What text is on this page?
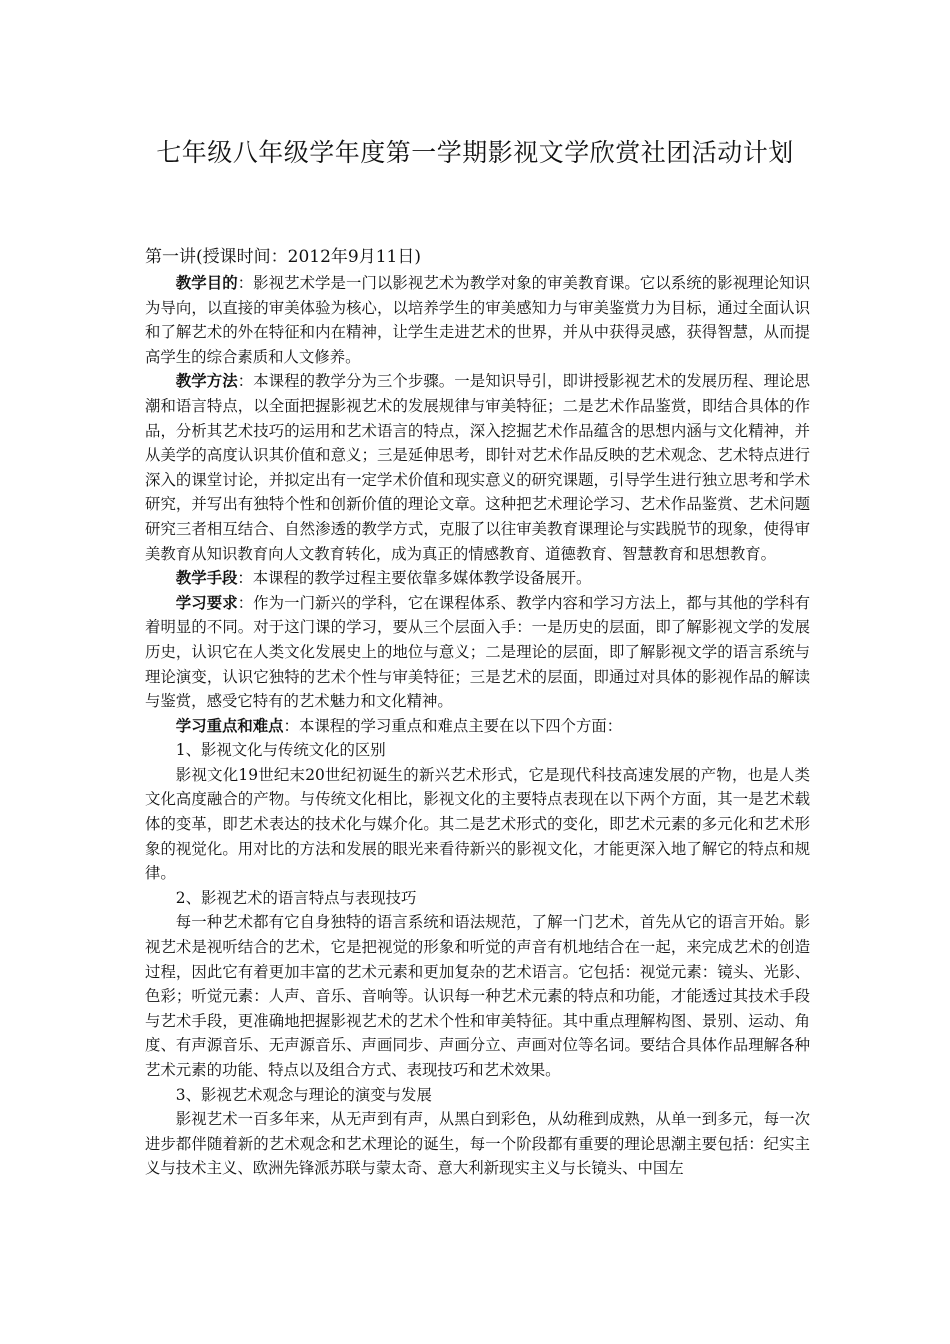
七年级八年级学年度第一学期影视文学欣赏社团活动计划

第一讲(授课时间：2012年9月11日)

教学目的：影视艺术学是一门以影视艺术为教学对象的审美教育课。它以系统的影视理论知识为导向，以直接的审美体验为核心，以培养学生的审美感知力与审美鉴赏力为目标，通过全面认识和了解艺术的外在特征和内在精神，让学生走进艺术的世界，并从中获得灵感，获得智慧，从而提高学生的综合素质和人文修养。

教学方法：本课程的教学分为三个步骤。一是知识导引，即讲授影视艺术的发展历程、理论思潮和语言特点，以全面把握影视艺术的发展规律与审美特征；二是艺术作品鉴赏，即结合具体的作品，分析其艺术技巧的运用和艺术语言的特点，深入挖掘艺术作品蕴含的思想内涵与文化精神，并从美学的高度认识其价值和意义；三是延伸思考，即针对艺术作品反映的艺术观念、艺术特点进行深入的课堂讨论，并拟定出有一定学术价值和现实意义的研究课题，引导学生进行独立思考和学术研究，并写出有独特个性和创新价值的理论文章。这种把艺术理论学习、艺术作品鉴赏、艺术问题研究三者相互结合、自然渗透的教学方式，克服了以往审美教育课理论与实践脱节的现象，使得审美教育从知识教育向人文教育转化，成为真正的情感教育、道德教育、智慧教育和思想教育。

教学手段：本课程的教学过程主要依靠多媒体教学设备展开。

学习要求：作为一门新兴的学科，它在课程体系、教学内容和学习方法上，都与其他的学科有着明显的不同。对于这门课的学习，要从三个层面入手：一是历史的层面，即了解影视文学的发展历史，认识它在人类文化发展史上的地位与意义；二是理论的层面，即了解影视文学的语言系统与理论演变，认识它独特的艺术个性与审美特征；三是艺术的层面，即通过对具体的影视作品的解读与鉴赏，感受它特有的艺术魅力和文化精神。

学习重点和难点：本课程的学习重点和难点主要在以下四个方面：

1、影视文化与传统文化的区别

影视文化19世纪末20世纪初诞生的新兴艺术形式，它是现代科技高速发展的产物，也是人类文化高度融合的产物。与传统文化相比，影视文化的主要特点表现在以下两个方面，其一是艺术载体的变革，即艺术表达的技术化与媒介化。其二是艺术形式的变化，即艺术元素的多元化和艺术形象的视觉化。用对比的方法和发展的眼光来看待新兴的影视文化，才能更深入地了解它的特点和规律。

2、影视艺术的语言特点与表现技巧

每一种艺术都有它自身独特的语言系统和语法规范，了解一门艺术，首先从它的语言开始。影视艺术是视听结合的艺术，它是把视觉的形象和听觉的声音有机地结合在一起，来完成艺术的创造过程，因此它有着更加丰富的艺术元素和更加复杂的艺术语言。它包括：视觉元素：镜头、光影、色彩；听觉元素：人声、音乐、音响等。认识每一种艺术元素的特点和功能，才能透过其技术手段与艺术手段，更准确地把握影视艺术的艺术个性和审美特征。其中重点理解构图、景别、运动、角度、有声源音乐、无声源音乐、声画同步、声画分立、声画对位等名词。要结合具体作品理解各种艺术元素的功能、特点以及组合方式、表现技巧和艺术效果。

3、影视艺术观念与理论的演变与发展

影视艺术一百多年来，从无声到有声，从黑白到彩色，从幼稚到成熟，从单一到多元，每一次进步都伴随着新的艺术观念和艺术理论的诞生，每一个阶段都有重要的理论思潮主要包括：纪实主义与技术主义、欧洲先锋派苏联与蒙太奇、意大利新现实主义与长镜头、中国左
